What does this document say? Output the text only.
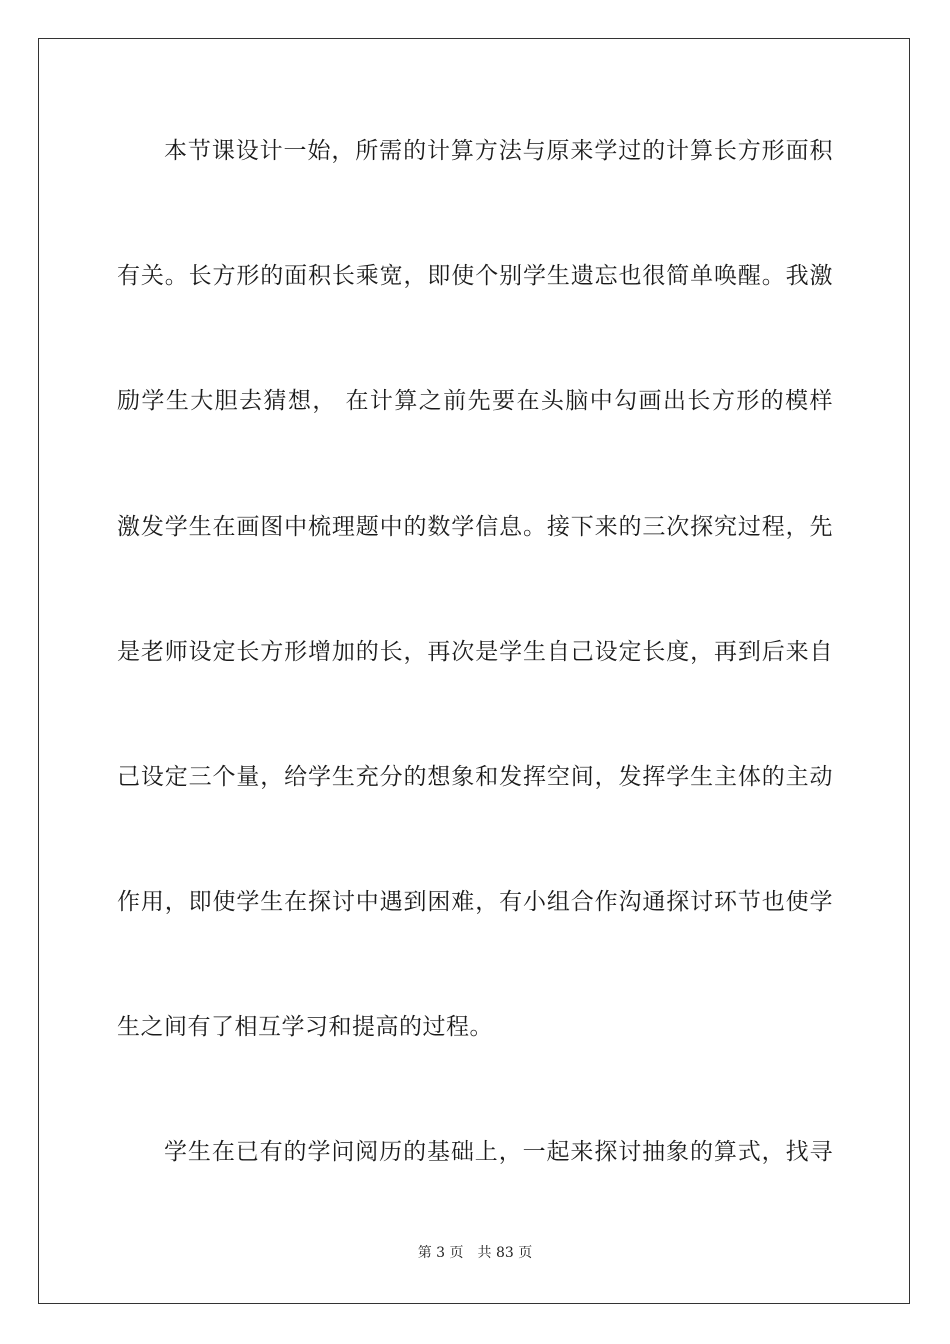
本节课设计一始，所需的计算方法与原来学过的计算长方形面积
有关。长方形的面积长乘宽，即使个别学生遗忘也很简单唤醒。我激
励学生大胆去猜想， 在计算之前先要在头脑中勾画出长方形的模样
激发学生在画图中梳理题中的数学信息。接下来的三次探究过程，先
是老师设定长方形增加的长，再次是学生自己设定长度，再到后来自
己设定三个量，给学生充分的想象和发挥空间，发挥学生主体的主动
作用，即使学生在探讨中遇到困难，有小组合作沟通探讨环节也使学
生之间有了相互学习和提高的过程。
学生在已有的学问阅历的基础上，一起来探讨抽象的算式，找寻
第 3 页 共 83 页
